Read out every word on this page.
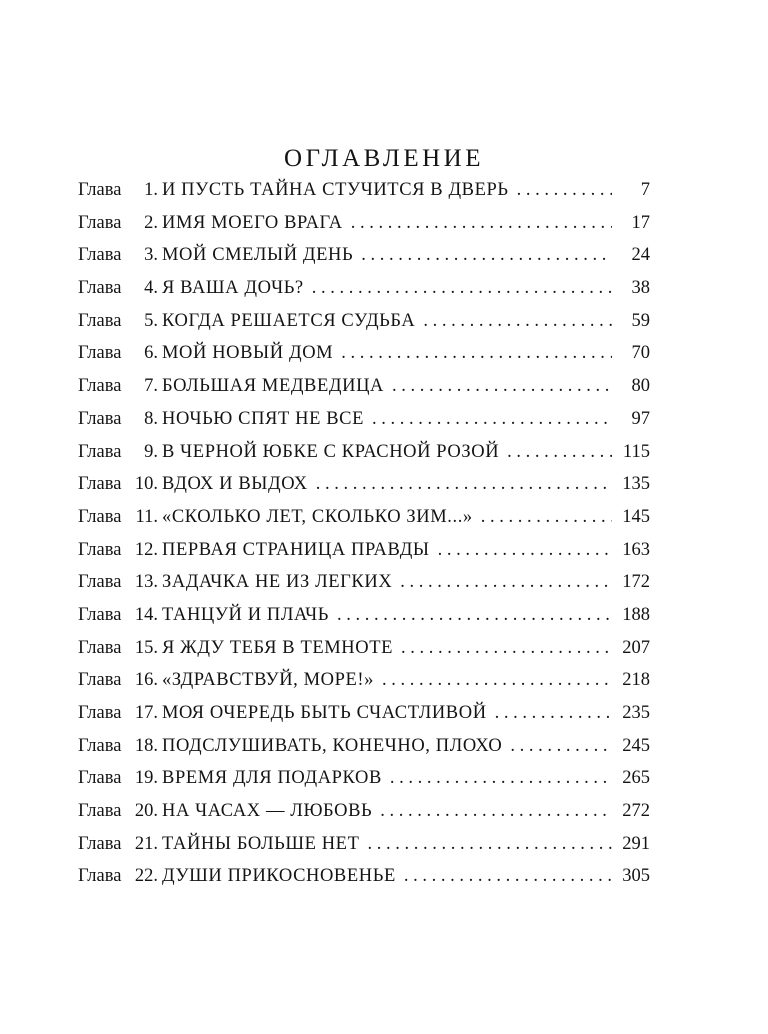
ОГЛАВЛЕНИЕ
Глава	1. И ПУСТЬ ТАЙНА СТУЧИТСЯ В ДВЕРЬ . . .	7
Глава	2. ИМЯ МОЕГО ВРАГА . . .	17
Глава	3. МОЙ СМЕЛЫЙ ДЕНЬ . . .	24
Глава	4. Я ВАША ДОЧЬ? . . .	38
Глава	5. КОГДА РЕШАЕТСЯ СУДЬБА . . .	59
Глава	6. МОЙ НОВЫЙ ДОМ . . .	70
Глава	7. БОЛЬШАЯ МЕДВЕДИЦА . . .	80
Глава	8. НОЧЬЮ СПЯТ НЕ ВСЕ . . .	97
Глава	9. В ЧЕРНОЙ ЮБКЕ С КРАСНОЙ РОЗОЙ . . .	115
Глава 10. ВДОХ И ВЫДОХ . . .	135
Глава 11. «СКОЛЬКО ЛЕТ, СКОЛЬКО ЗИМ...» . . .	145
Глава 12. ПЕРВАЯ СТРАНИЦА ПРАВДЫ . . .	163
Глава 13. ЗАДАЧКА НЕ ИЗ ЛЕГКИХ . . .	172
Глава 14. ТАНЦУЙ И ПЛАЧЬ . . .	188
Глава 15. Я ЖДУ ТЕБЯ В ТЕМНОТЕ . . .	207
Глава 16. «ЗДРАВСТВУЙ, МОРЕ!» . . .	218
Глава 17. МОЯ ОЧЕРЕДЬ БЫТЬ СЧАСТЛИВОЙ . . .	235
Глава 18. ПОДСЛУШИВАТЬ, КОНЕЧНО, ПЛОХО . . .	245
Глава 19. ВРЕМЯ ДЛЯ ПОДАРКОВ . . .	265
Глава 20. НА ЧАСАХ — ЛЮБОВЬ . . .	272
Глава 21. ТАЙНЫ БОЛЬШЕ НЕТ . . .	291
Глава 22. ДУШИ ПРИКОСНОВЕНЬЕ . . .	305
